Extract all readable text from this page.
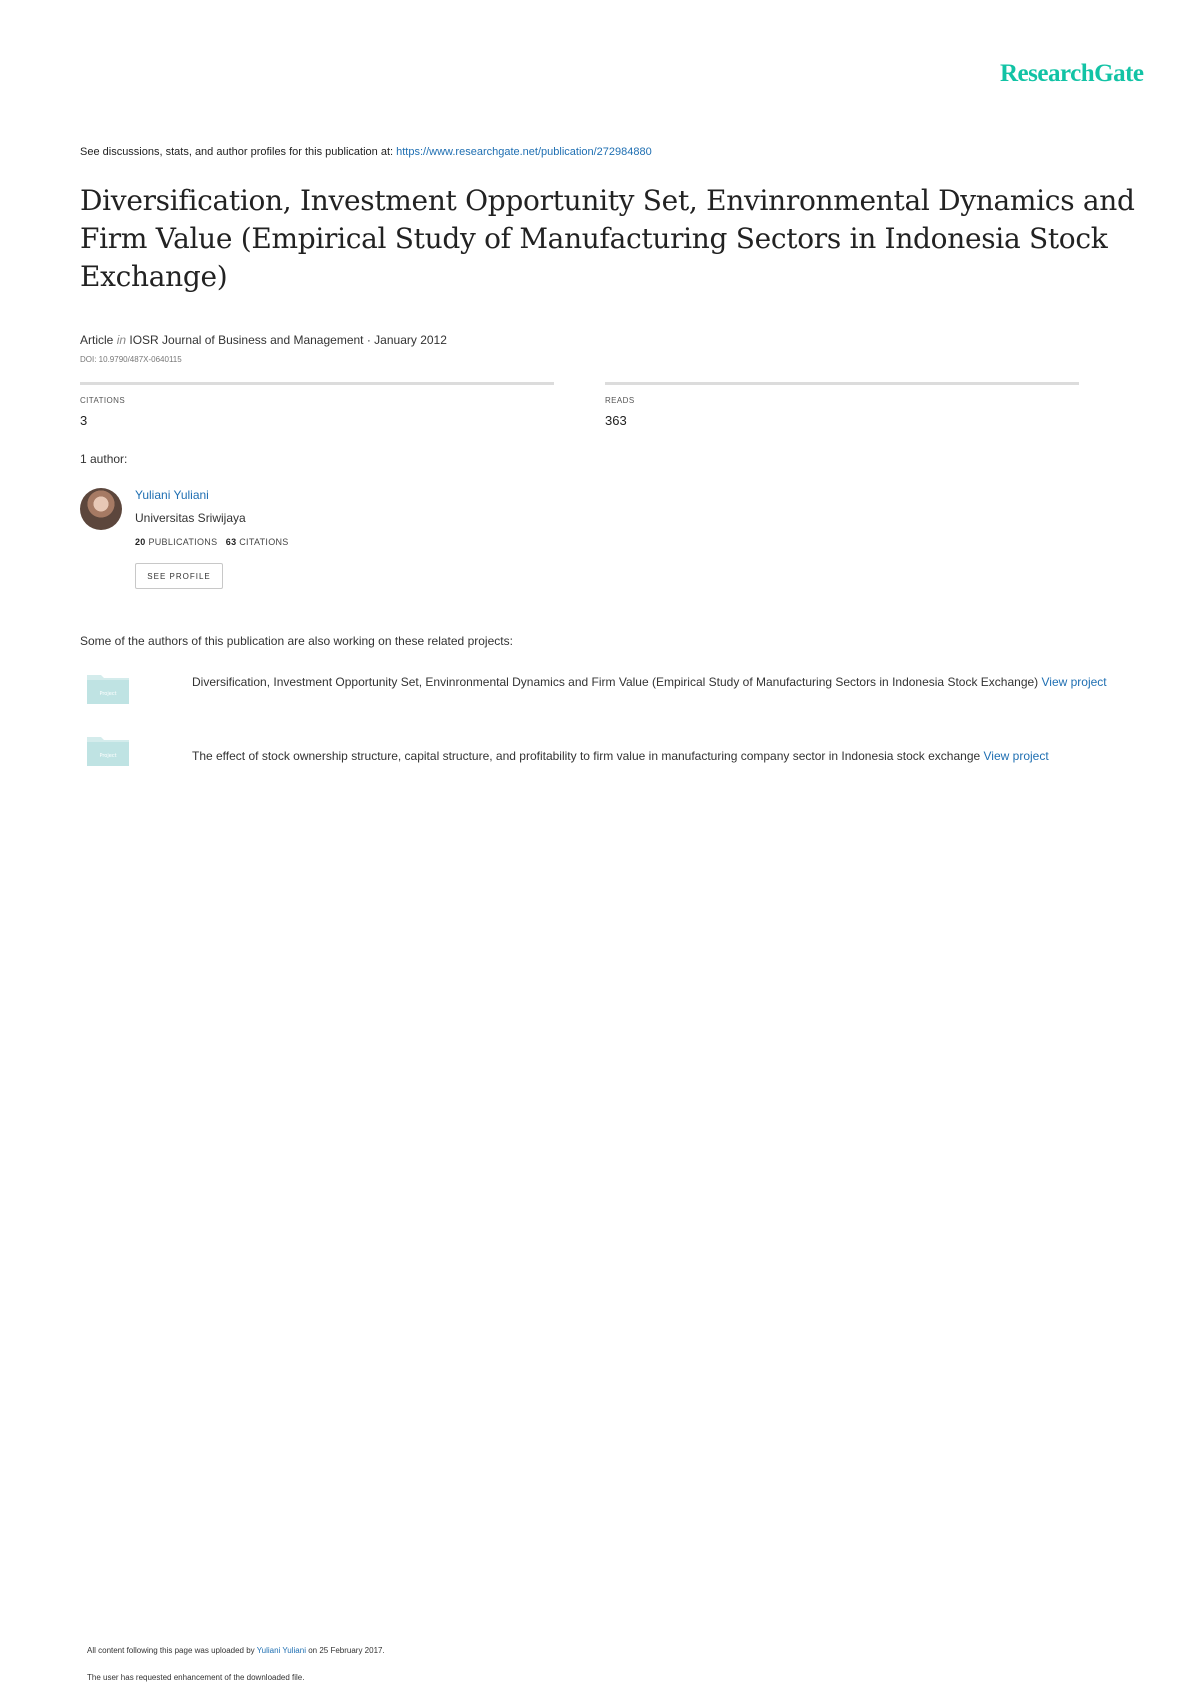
ResearchGate
See discussions, stats, and author profiles for this publication at: https://www.researchgate.net/publication/272984880
Diversification, Investment Opportunity Set, Envinronmental Dynamics and Firm Value (Empirical Study of Manufacturing Sectors in Indonesia Stock Exchange)
Article in IOSR Journal of Business and Management · January 2012
DOI: 10.9790/487X-0640115
CITATIONS
3
READS
363
1 author:
Yuliani Yuliani
Universitas Sriwijaya
20 PUBLICATIONS 63 CITATIONS
SEE PROFILE
Some of the authors of this publication are also working on these related projects:
Project
Diversification, Investment Opportunity Set, Envinronmental Dynamics and Firm Value (Empirical Study of Manufacturing Sectors in Indonesia Stock Exchange) View project
Project	The effect of stock ownership structure, capital structure, and profitability to firm value in manufacturing company sector in Indonesia stock exchange View project
All content following this page was uploaded by Yuliani Yuliani on 25 February 2017.
The user has requested enhancement of the downloaded file.
